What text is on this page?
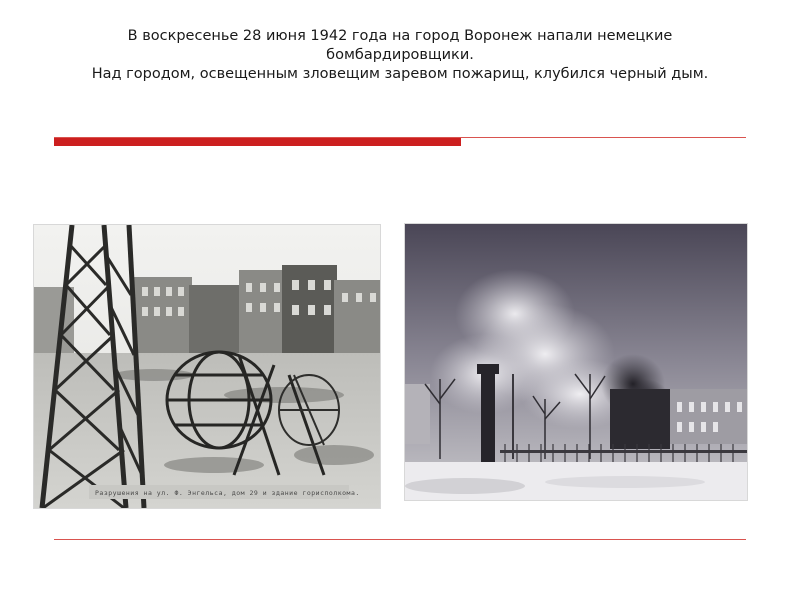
В воскресенье 28 июня 1942 года на город Воронеж напали немецкие бомбардировщики.

Над городом, освещенным зловещим заревом пожарищ, клубился черный дым.

Разрушения на ул. Ф. Энгельса, дом 29 и здание горисполкома.
